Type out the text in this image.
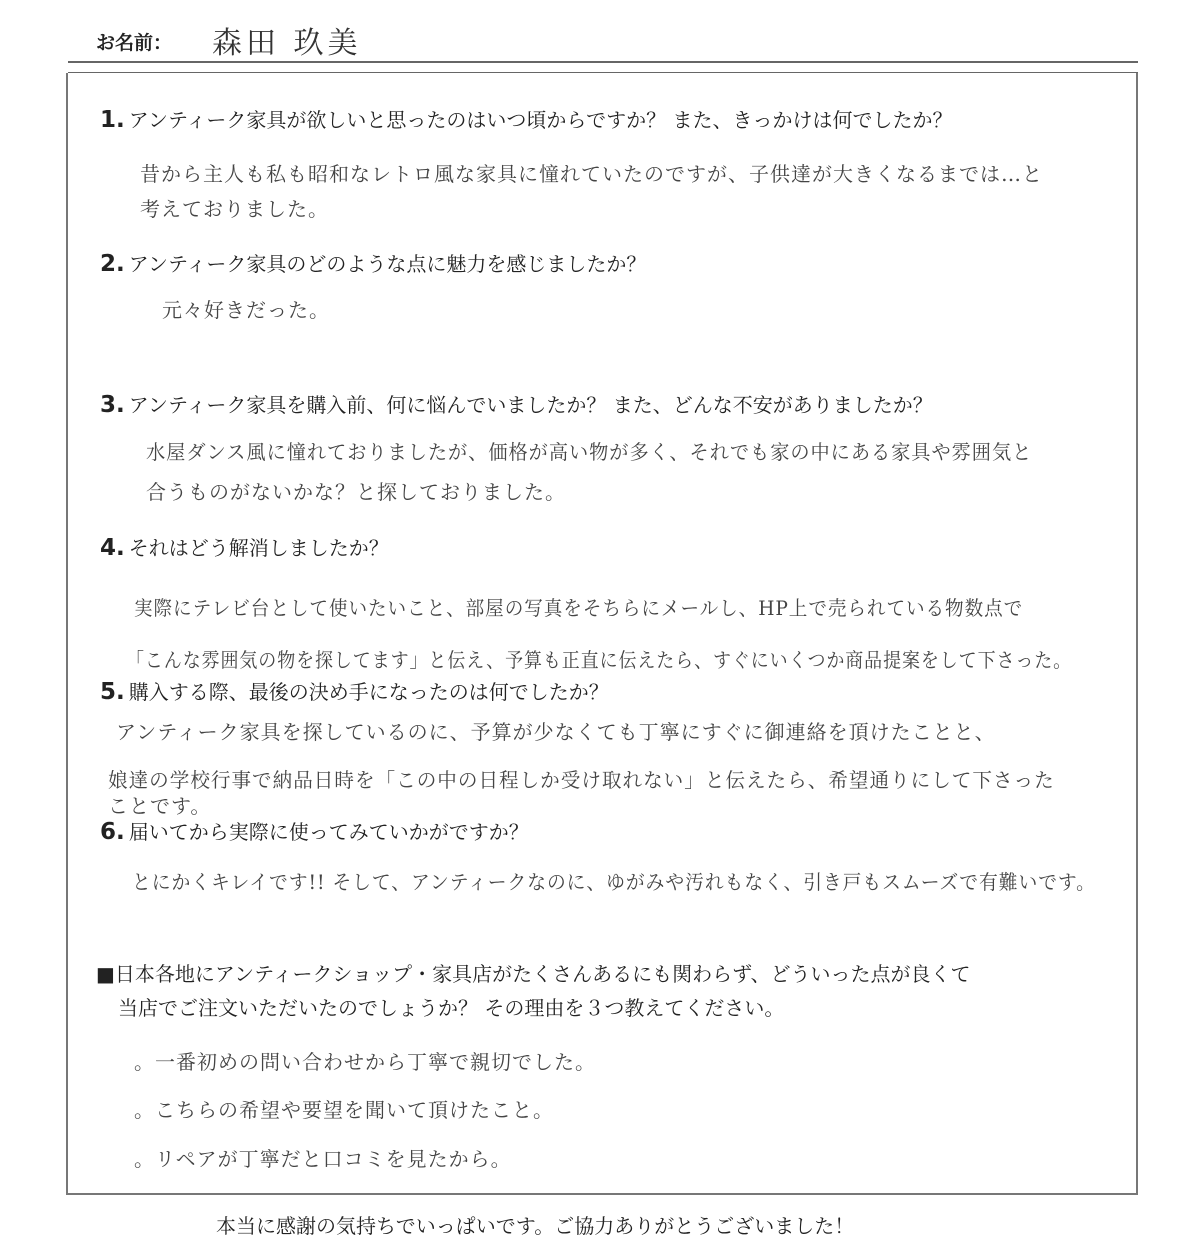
お名前： 森田 玖美
1. アンティーク家具が欲しいと思ったのはいつ頃からですか？ また、きっかけは何でしたか？
昔から主人も私も昭和なレトロ風な家具に憧れていたのですが、子供達が大きくなるまでは…と
考えておりました。
2. アンティーク家具のどのような点に魅力を感じましたか？
元々好きだった。
3. アンティーク家具を購入前、何に悩んでいましたか？ また、どんな不安がありましたか？
水屋ダンス風に憧れておりましたが、価格が高い物が多く、それでも家の中にある家具や雰囲気と
合うものがないかな？と探しておりました。
4. それはどう解消しましたか？
実際にテレビ台として使いたいこと、部屋の写真をそちらにメールし、HP上で売られている物数点で
「こんな雰囲気の物を探してます」と伝え、予算も正直に伝えたら、すぐにいくつか商品提案をして下さった。
5. 購入する際、最後の決め手になったのは何でしたか？
アンティーク家具を探しているのに、予算が少なくても丁寧にすぐに御連絡を頂けたことと、
娘達の学校行事で納品日時を「この中の日程しか受け取れない」と伝えたら、希望通りにして下さった
ことです。
6. 届いてから実際に使ってみていかがですか？
とにかくキレイです!! そして、アンティークなのに、ゆがみや汚れもなく、引き戸もスムーズで有難いです。
■日本各地にアンティークショップ・家具店がたくさんあるにも関わらず、どういった点が良くて
当店でご注文いただいたのでしょうか？ その理由を３つ教えてください。
。一番初めの問い合わせから丁寧で親切でした。
。こちらの希望や要望を聞いて頂けたこと。
。リペアが丁寧だと口コミを見たから。
本当に感謝の気持ちでいっぱいです。ご協力ありがとうございました！
